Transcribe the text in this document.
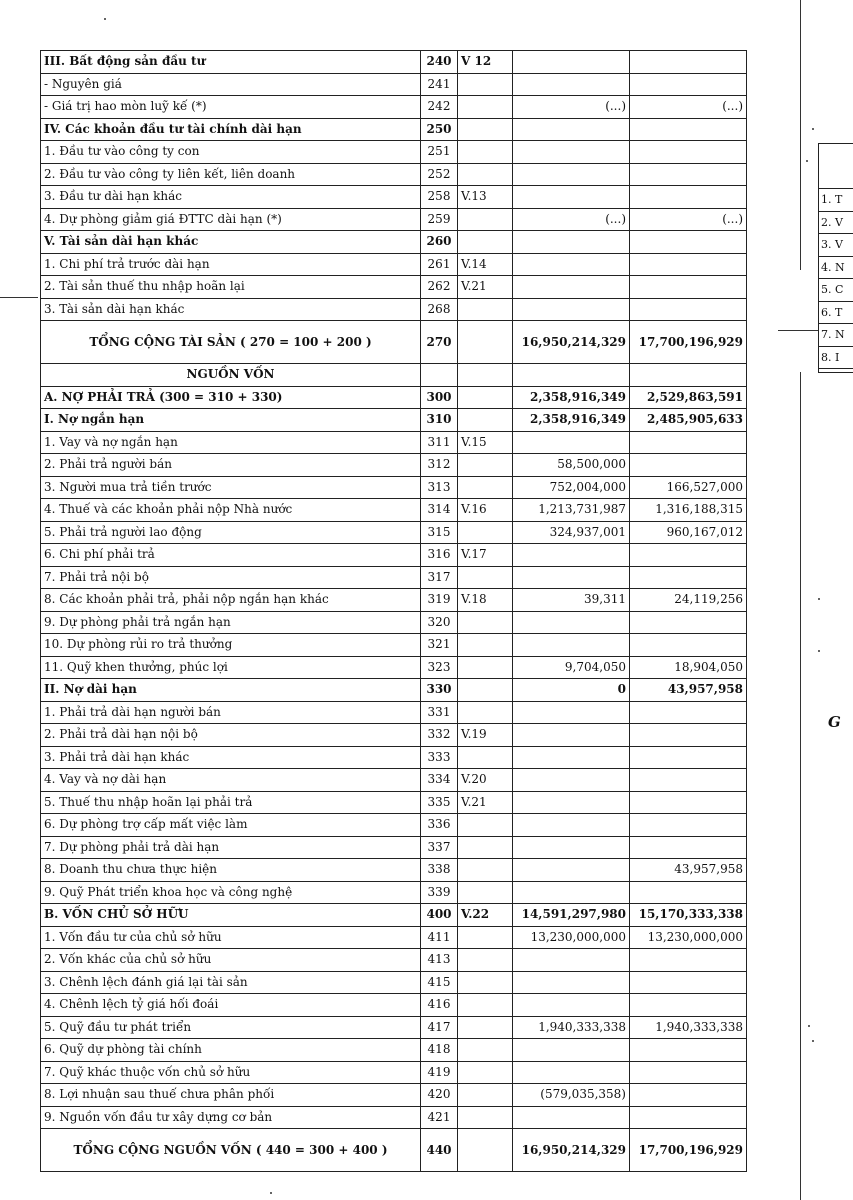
III. Bất động sản đầu tư	240	V 12		
- Nguyên giá	241			
- Giá trị hao mòn luỹ kế (*)	242		(...)	(...)
IV. Các khoản đầu tư tài chính dài hạn	250			
1. Đầu tư vào công ty con	251			
2. Đầu tư vào công ty liên kết, liên doanh	252			
3. Đầu tư dài hạn khác	258	V.13		
4. Dự phòng giảm giá ĐTTC dài hạn (*)	259		(...)	(...)
V. Tài sản dài hạn khác	260			
1. Chi phí trả trước dài hạn	261	V.14		
2. Tài sản thuế thu nhập hoãn lại	262	V.21		
3. Tài sản dài hạn khác	268			
TỔNG CỘNG TÀI SẢN ( 270 = 100 + 200 )	270		16,950,214,329	17,700,196,929
NGUỒN VỐN				
A. NỢ PHẢI TRẢ (300 = 310 + 330)	300		2,358,916,349	2,529,863,591
I. Nợ ngắn hạn	310		2,358,916,349	2,485,905,633
1. Vay và nợ ngắn hạn	311	V.15		
2. Phải trả người bán	312		58,500,000	
3. Người mua trả tiền trước	313		752,004,000	166,527,000
4. Thuế và các khoản phải nộp Nhà nước	314	V.16	1,213,731,987	1,316,188,315
5. Phải trả người lao động	315		324,937,001	960,167,012
6. Chi phí phải trả	316	V.17		
7. Phải trả nội bộ	317			
8. Các khoản phải trả, phải nộp ngắn hạn khác	319	V.18	39,311	24,119,256
9. Dự phòng phải trả ngắn hạn	320			
10. Dự phòng rủi ro trả thưởng	321			
11. Quỹ khen thưởng, phúc lợi	323		9,704,050	18,904,050
II. Nợ dài hạn	330		0	43,957,958
1. Phải trả dài hạn người bán	331			
2. Phải trả dài hạn nội bộ	332	V.19		
3. Phải trả dài hạn khác	333			
4. Vay và nợ dài hạn	334	V.20		
5. Thuế thu nhập hoãn lại phải trả	335	V.21		
6. Dự phòng trợ cấp mất việc làm	336			
7. Dự phòng phải trả dài hạn	337			
8. Doanh thu chưa thực hiện	338			43,957,958
9. Quỹ Phát triển khoa học và công nghệ	339			
B. VỐN CHỦ SỞ HỮU	400	V.22	14,591,297,980	15,170,333,338
1. Vốn đầu tư của chủ sở hữu	411		13,230,000,000	13,230,000,000
2. Vốn khác của chủ sở hữu	413			
3. Chênh lệch đánh giá lại tài sản	415			
4. Chênh lệch tỷ giá hối đoái	416			
5. Quỹ đầu tư phát triển	417		1,940,333,338	1,940,333,338
6. Quỹ dự phòng tài chính	418			
7. Quỹ khác thuộc vốn chủ sở hữu	419			
8. Lợi nhuận sau thuế chưa phân phối	420		(579,035,358)	
9. Nguồn vốn đầu tư xây dựng cơ bản	421			
TỔNG CỘNG NGUỒN VỐN ( 440 = 300 + 400 )	440		16,950,214,329	17,700,196,929
1. T
2. V
3. V
4. N
5. C
6. T
7. N
8. I
G
